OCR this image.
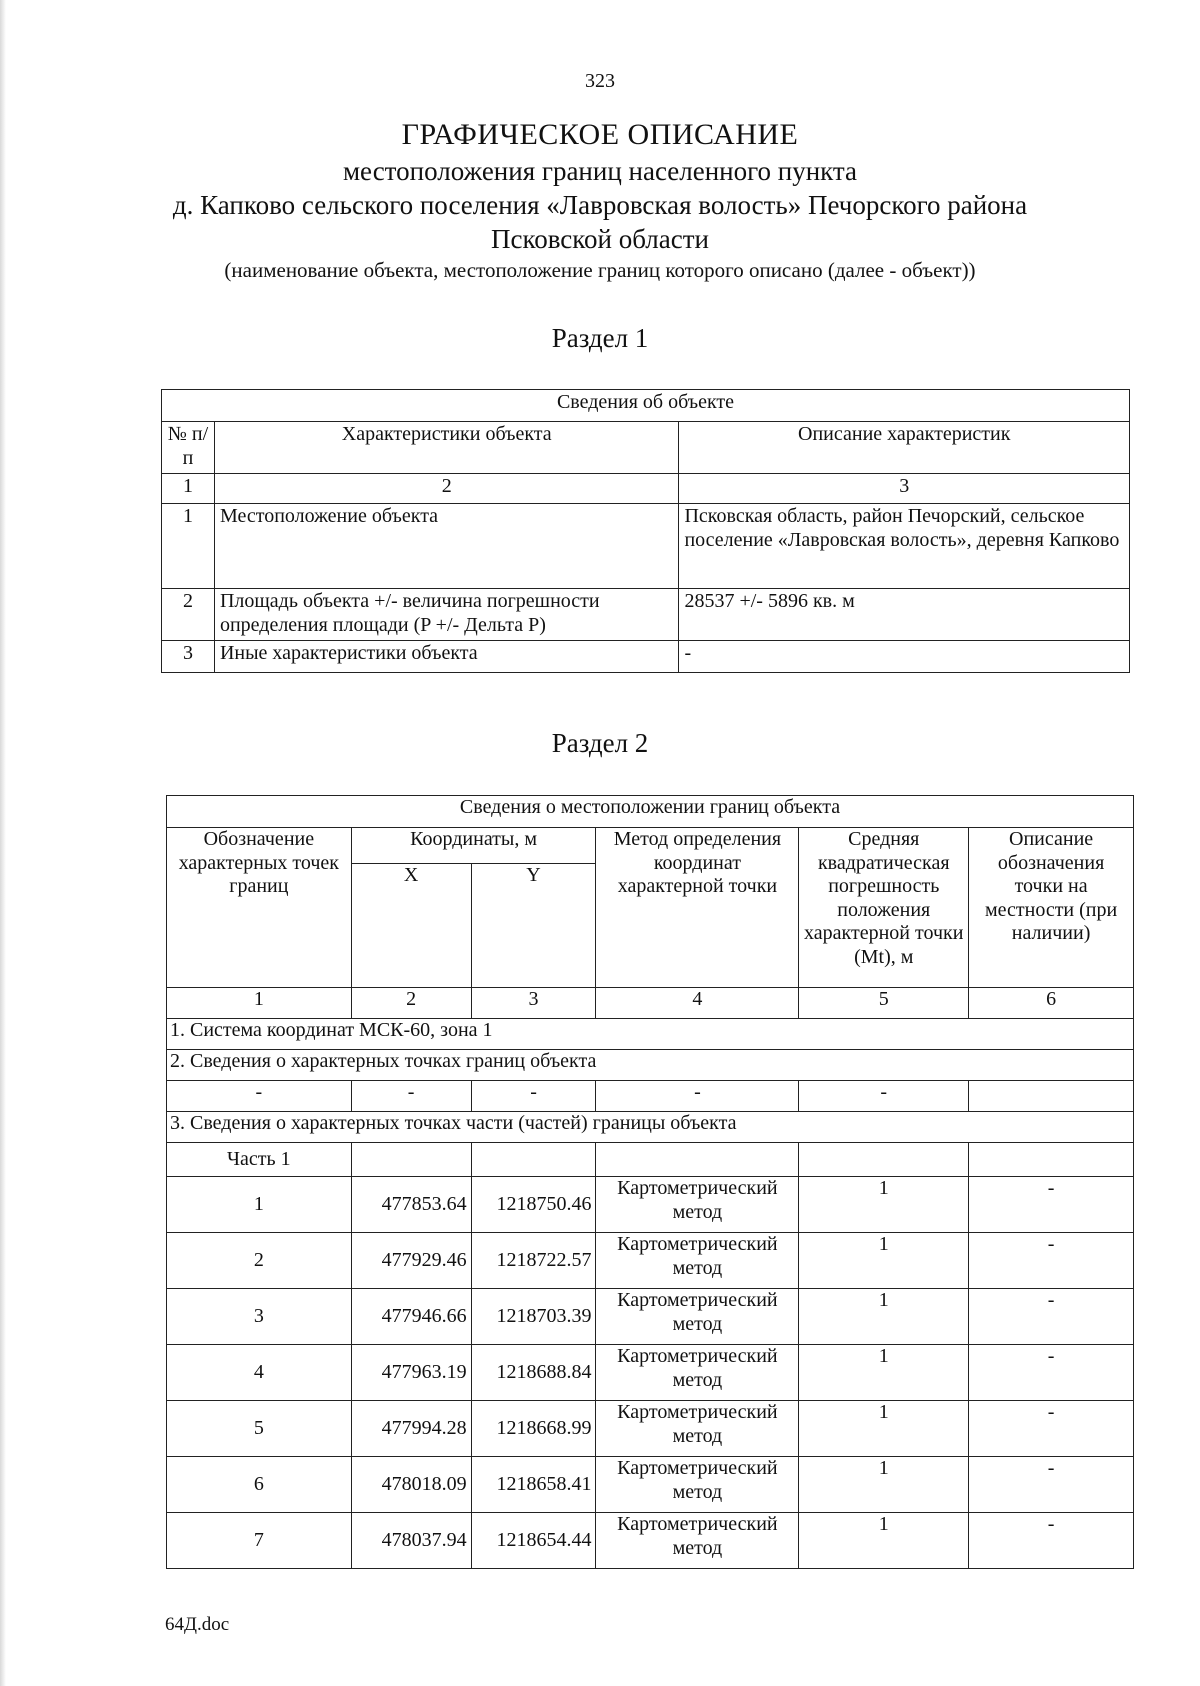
323
ГРАФИЧЕСКОЕ ОПИСАНИЕ
местоположения границ населенного пункта
д. Капково сельского поселения «Лавровская волость» Печорского района
Псковской области
(наименование объекта, местоположение границ которого описано (далее - объект))
Раздел 1
Сведения об объекте		
№ п/п	Характеристики объекта	Описание характеристик
1	2	3
1	Местоположение объекта	Псковская область, район Печорский, сельское поселение «Лавровская волость», деревня Капково
2	Площадь объекта +/- величина погрешности определения площади (P +/- Дельта P)	28537 +/- 5896 кв. м
3	Иные характеристики объекта	-
Раздел 2
Сведения о местоположении границ объекта					
Обозначение характерных точек границ	Координаты, м		Метод определения координат характерной точки	Средняя квадратическая погрешность положения характерной точки (Mt), м	Описание обозначения точки на местности (при наличии)
	X	Y			
1	2	3	4	5	6
1. Система координат МСК-60, зона 1					
2. Сведения о характерных точках границ объекта					
-	-	-	-	-	
3. Сведения о характерных точках части (частей) границы объекта					
Часть 1					
1	477853.64	1218750.46	Картометрический метод	1	-
2	477929.46	1218722.57	Картометрический метод	1	-
3	477946.66	1218703.39	Картометрический метод	1	-
4	477963.19	1218688.84	Картометрический метод	1	-
5	477994.28	1218668.99	Картометрический метод	1	-
6	478018.09	1218658.41	Картометрический метод	1	-
7	478037.94	1218654.44	Картометрический метод	1	-
64Д.doc
